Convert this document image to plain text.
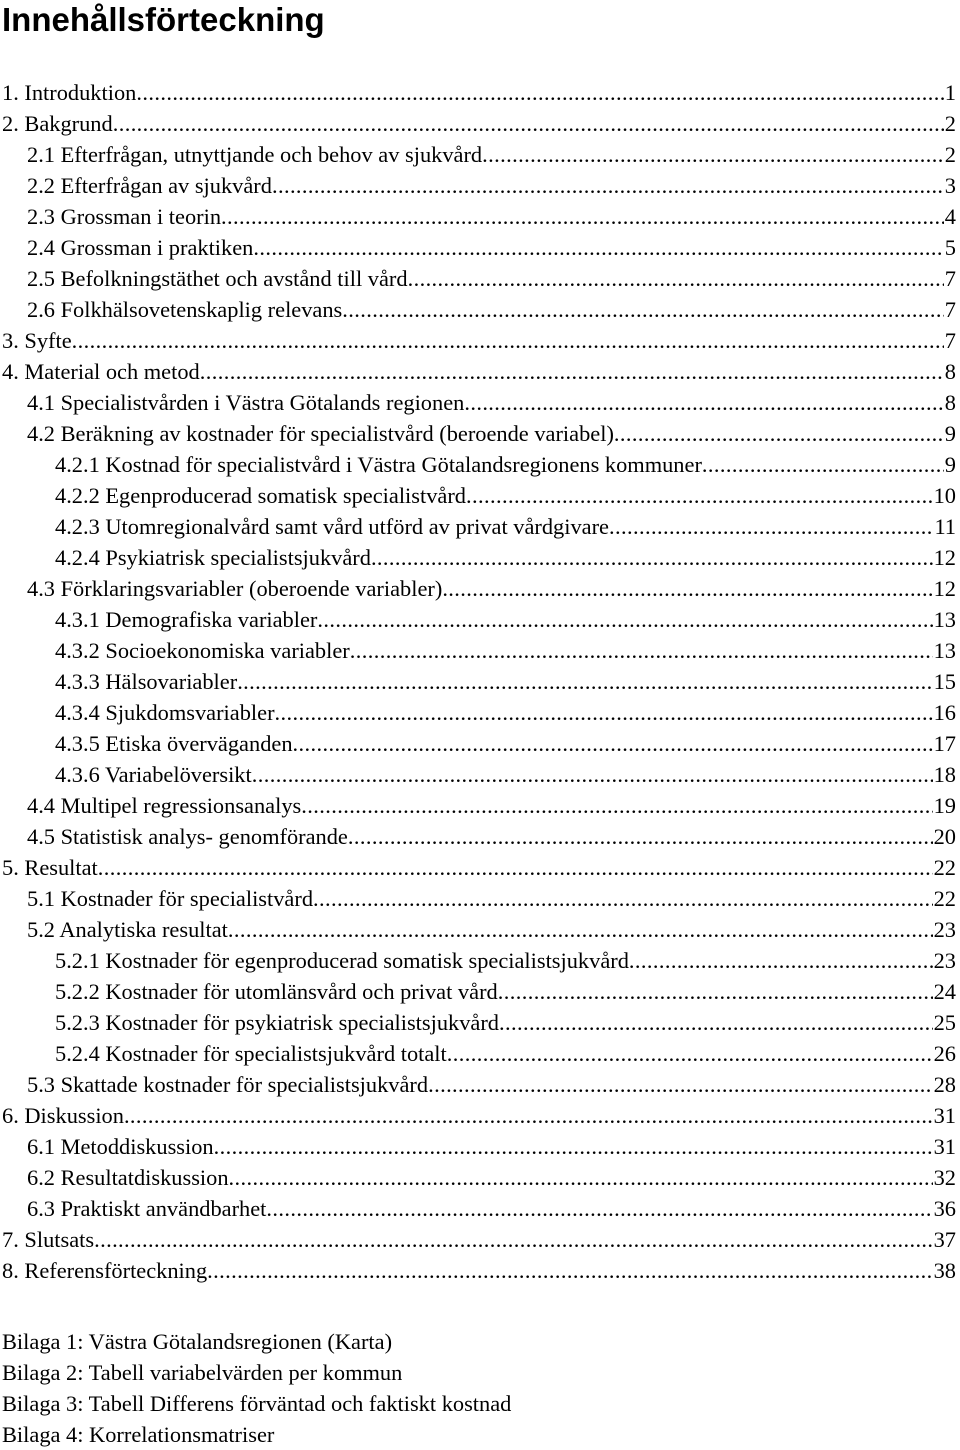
Innehållsförteckning
1. Introduktion . . .	1
2. Bakgrund . . .	2
2.1 Efterfrågan, utnyttjande och behov av sjukvård . . .	2
2.2 Efterfrågan av sjukvård . . .	3
2.3 Grossman i teorin . . .	4
2.4 Grossman i praktiken . . .	5
2.5 Befolkningstäthet och avstånd till vård . . .	7
2.6 Folkhälsovetenskaplig relevans . . .	7
3. Syfte . . .	7
4. Material och metod . . .	8
4.1 Specialistvården i Västra Götalands regionen . . .	8
4.2 Beräkning av kostnader för specialistvård (beroende variabel) . . .	9
4.2.1 Kostnad för specialistvård i Västra Götalandsregionens kommuner . . .	9
4.2.2 Egenproducerad somatisk specialistvård . . .	10
4.2.3 Utomregionalvård samt vård utförd av privat vårdgivare . . .	11
4.2.4 Psykiatrisk specialistsjukvård . . .	12
4.3 Förklaringsvariabler (oberoende variabler) . . .	12
4.3.1 Demografiska variabler . . .	13
4.3.2 Socioekonomiska variabler . . .	13
4.3.3 Hälsovariabler . . .	15
4.3.4 Sjukdomsvariabler . . .	16
4.3.5 Etiska överväganden . . .	17
4.3.6 Variabelöversikt . . .	18
4.4 Multipel regressionsanalys . . .	19
4.5 Statistisk analys- genomförande . . .	20
5. Resultat . . .	22
5.1 Kostnader för specialistvård . . .	22
5.2 Analytiska resultat . . .	23
5.2.1 Kostnader för egenproducerad somatisk specialistsjukvård . . .	23
5.2.2 Kostnader för utomlänsvård och privat vård . . .	24
5.2.3 Kostnader för psykiatrisk specialistsjukvård . . .	25
5.2.4 Kostnader för specialistsjukvård totalt . . .	26
5.3 Skattade kostnader för specialistsjukvård . . .	28
6. Diskussion . . .	31
6.1 Metoddiskussion . . .	31
6.2 Resultatdiskussion . . .	32
6.3 Praktiskt användbarhet . . .	36
7. Slutsats . . .	37
8. Referensförteckning . . .	38
Bilaga 1: Västra Götalandsregionen (Karta)
Bilaga 2: Tabell variabelvärden per kommun
Bilaga 3: Tabell Differens förväntad och faktiskt kostnad
Bilaga 4: Korrelationsmatriser
